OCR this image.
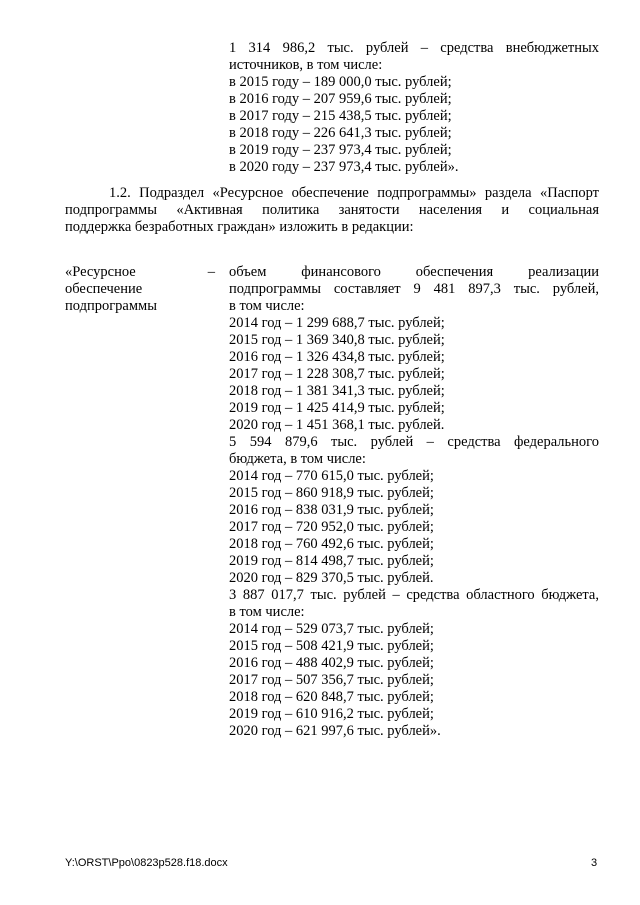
1 314 986,2 тыс. рублей – средства внебюджетных
источников, в том числе:
в 2015 году – 189 000,0 тыс. рублей;
в 2016 году – 207 959,6 тыс. рублей;
в 2017 году – 215 438,5 тыс. рублей;
в 2018 году – 226 641,3 тыс. рублей;
в 2019 году – 237 973,4 тыс. рублей;
в 2020 году – 237 973,4 тыс. рублей».
1.2. Подраздел «Ресурсное обеспечение подпрограммы» раздела «Паспорт
подпрограммы «Активная политика занятости населения и социальная
поддержка безработных граждан» изложить в редакции:
«Ресурсное –
обеспечение
подпрограммы
объем финансового обеспечения реализации
подпрограммы составляет 9 481 897,3 тыс. рублей,
в том числе:
2014 год – 1 299 688,7 тыс. рублей;
2015 год – 1 369 340,8 тыс. рублей;
2016 год – 1 326 434,8 тыс. рублей;
2017 год – 1 228 308,7 тыс. рублей;
2018 год – 1 381 341,3 тыс. рублей;
2019 год – 1 425 414,9 тыс. рублей;
2020 год – 1 451 368,1 тыс. рублей.
5 594 879,6 тыс. рублей – средства федерального
бюджета, в том числе:
2014 год – 770 615,0 тыс. рублей;
2015 год – 860 918,9 тыс. рублей;
2016 год – 838 031,9 тыс. рублей;
2017 год – 720 952,0 тыс. рублей;
2018 год – 760 492,6 тыс. рублей;
2019 год – 814 498,7 тыс. рублей;
2020 год – 829 370,5 тыс. рублей.
3 887 017,7 тыс. рублей – средства областного бюджета,
в том числе:
2014 год – 529 073,7 тыс. рублей;
2015 год – 508 421,9 тыс. рублей;
2016 год – 488 402,9 тыс. рублей;
2017 год – 507 356,7 тыс. рублей;
2018 год – 620 848,7 тыс. рублей;
2019 год – 610 916,2 тыс. рублей;
2020 год – 621 997,6 тыс. рублей».
Y:\ORST\Ppo\0823p528.f18.docx	3
